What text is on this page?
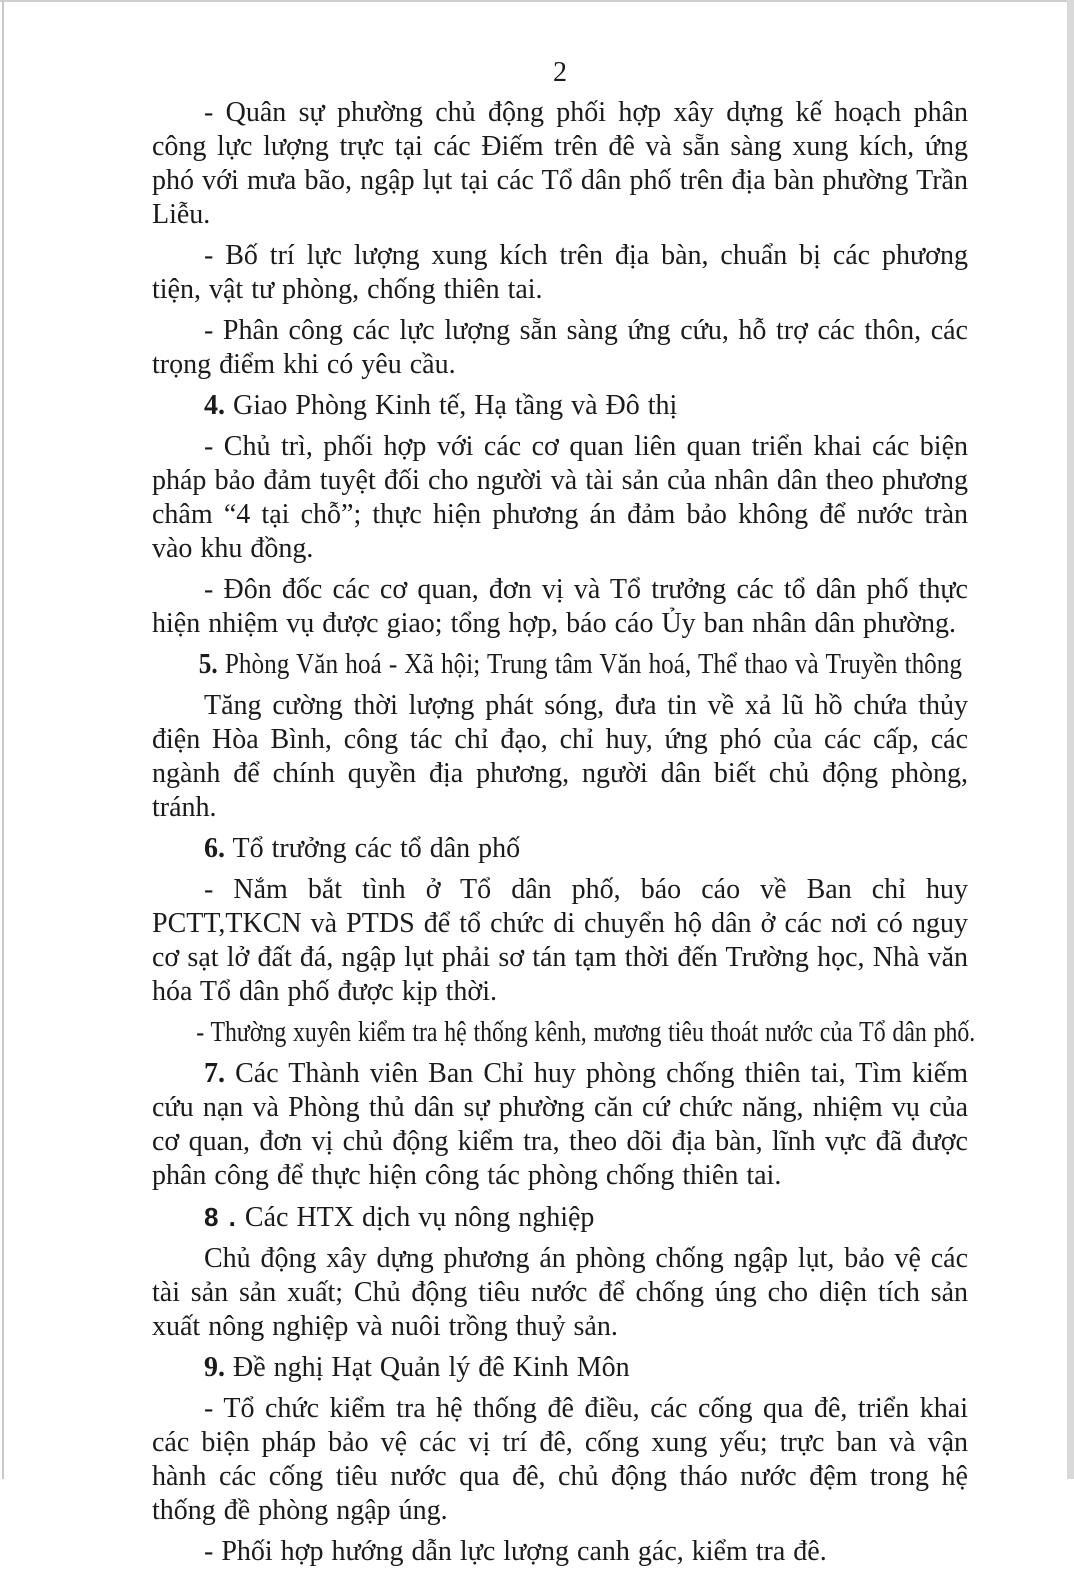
2

- Quân sự phường chủ động phối hợp xây dựng kế hoạch phân công lực lượng trực tại các Điếm trên đê và sẵn sàng xung kích, ứng phó với mưa bão, ngập lụt tại các Tổ dân phố trên địa bàn phường Trần Liễu.

- Bố trí lực lượng xung kích trên địa bàn, chuẩn bị các phương tiện, vật tư phòng, chống thiên tai.

- Phân công các lực lượng sẵn sàng ứng cứu, hỗ trợ các thôn, các trọng điểm khi có yêu cầu.

4. Giao Phòng Kinh tế, Hạ tầng và Đô thị

- Chủ trì, phối hợp với các cơ quan liên quan triển khai các biện pháp bảo đảm tuyệt đối cho người và tài sản của nhân dân theo phương châm “4 tại chỗ”; thực hiện phương án đảm bảo không để nước tràn vào khu đồng.

- Đôn đốc các cơ quan, đơn vị và Tổ trưởng các tổ dân phố thực hiện nhiệm vụ được giao; tổng hợp, báo cáo Ủy ban nhân dân phường.

5. Phòng Văn hoá - Xã hội; Trung tâm Văn hoá, Thể thao và Truyền thông

Tăng cường thời lượng phát sóng, đưa tin về xả lũ hồ chứa thủy điện Hòa Bình, công tác chỉ đạo, chỉ huy, ứng phó của các cấp, các ngành để chính quyền địa phương, người dân biết chủ động phòng, tránh.

6. Tổ trưởng các tổ dân phố

- Nắm bắt tình ở Tổ dân phố, báo cáo về Ban chỉ huy PCTT,TKCN và PTDS để tổ chức di chuyển hộ dân ở các nơi có nguy cơ sạt lở đất đá, ngập lụt phải sơ tán tạm thời đến Trường học, Nhà văn hóa Tổ dân phố được kịp thời.

- Thường xuyên kiểm tra hệ thống kênh, mương tiêu thoát nước của Tổ dân phố.

7. Các Thành viên Ban Chỉ huy phòng chống thiên tai, Tìm kiếm cứu nạn và Phòng thủ dân sự phường căn cứ chức năng, nhiệm vụ của cơ quan, đơn vị chủ động kiểm tra, theo dõi địa bàn, lĩnh vực đã được phân công để thực hiện công tác phòng chống thiên tai.

8 . Các HTX dịch vụ nông nghiệp

Chủ động xây dựng phương án phòng chống ngập lụt, bảo vệ các tài sản sản xuất; Chủ động tiêu nước để chống úng cho diện tích sản xuất nông nghiệp và nuôi trồng thuỷ sản.

9. Đề nghị Hạt Quản lý đê Kinh Môn

- Tổ chức kiểm tra hệ thống đê điều, các cống qua đê, triển khai các biện pháp bảo vệ các vị trí đê, cống xung yếu; trực ban và vận hành các cống tiêu nước qua đê, chủ động tháo nước đệm trong hệ thống đề phòng ngập úng.

- Phối hợp hướng dẫn lực lượng canh gác, kiểm tra đê.
